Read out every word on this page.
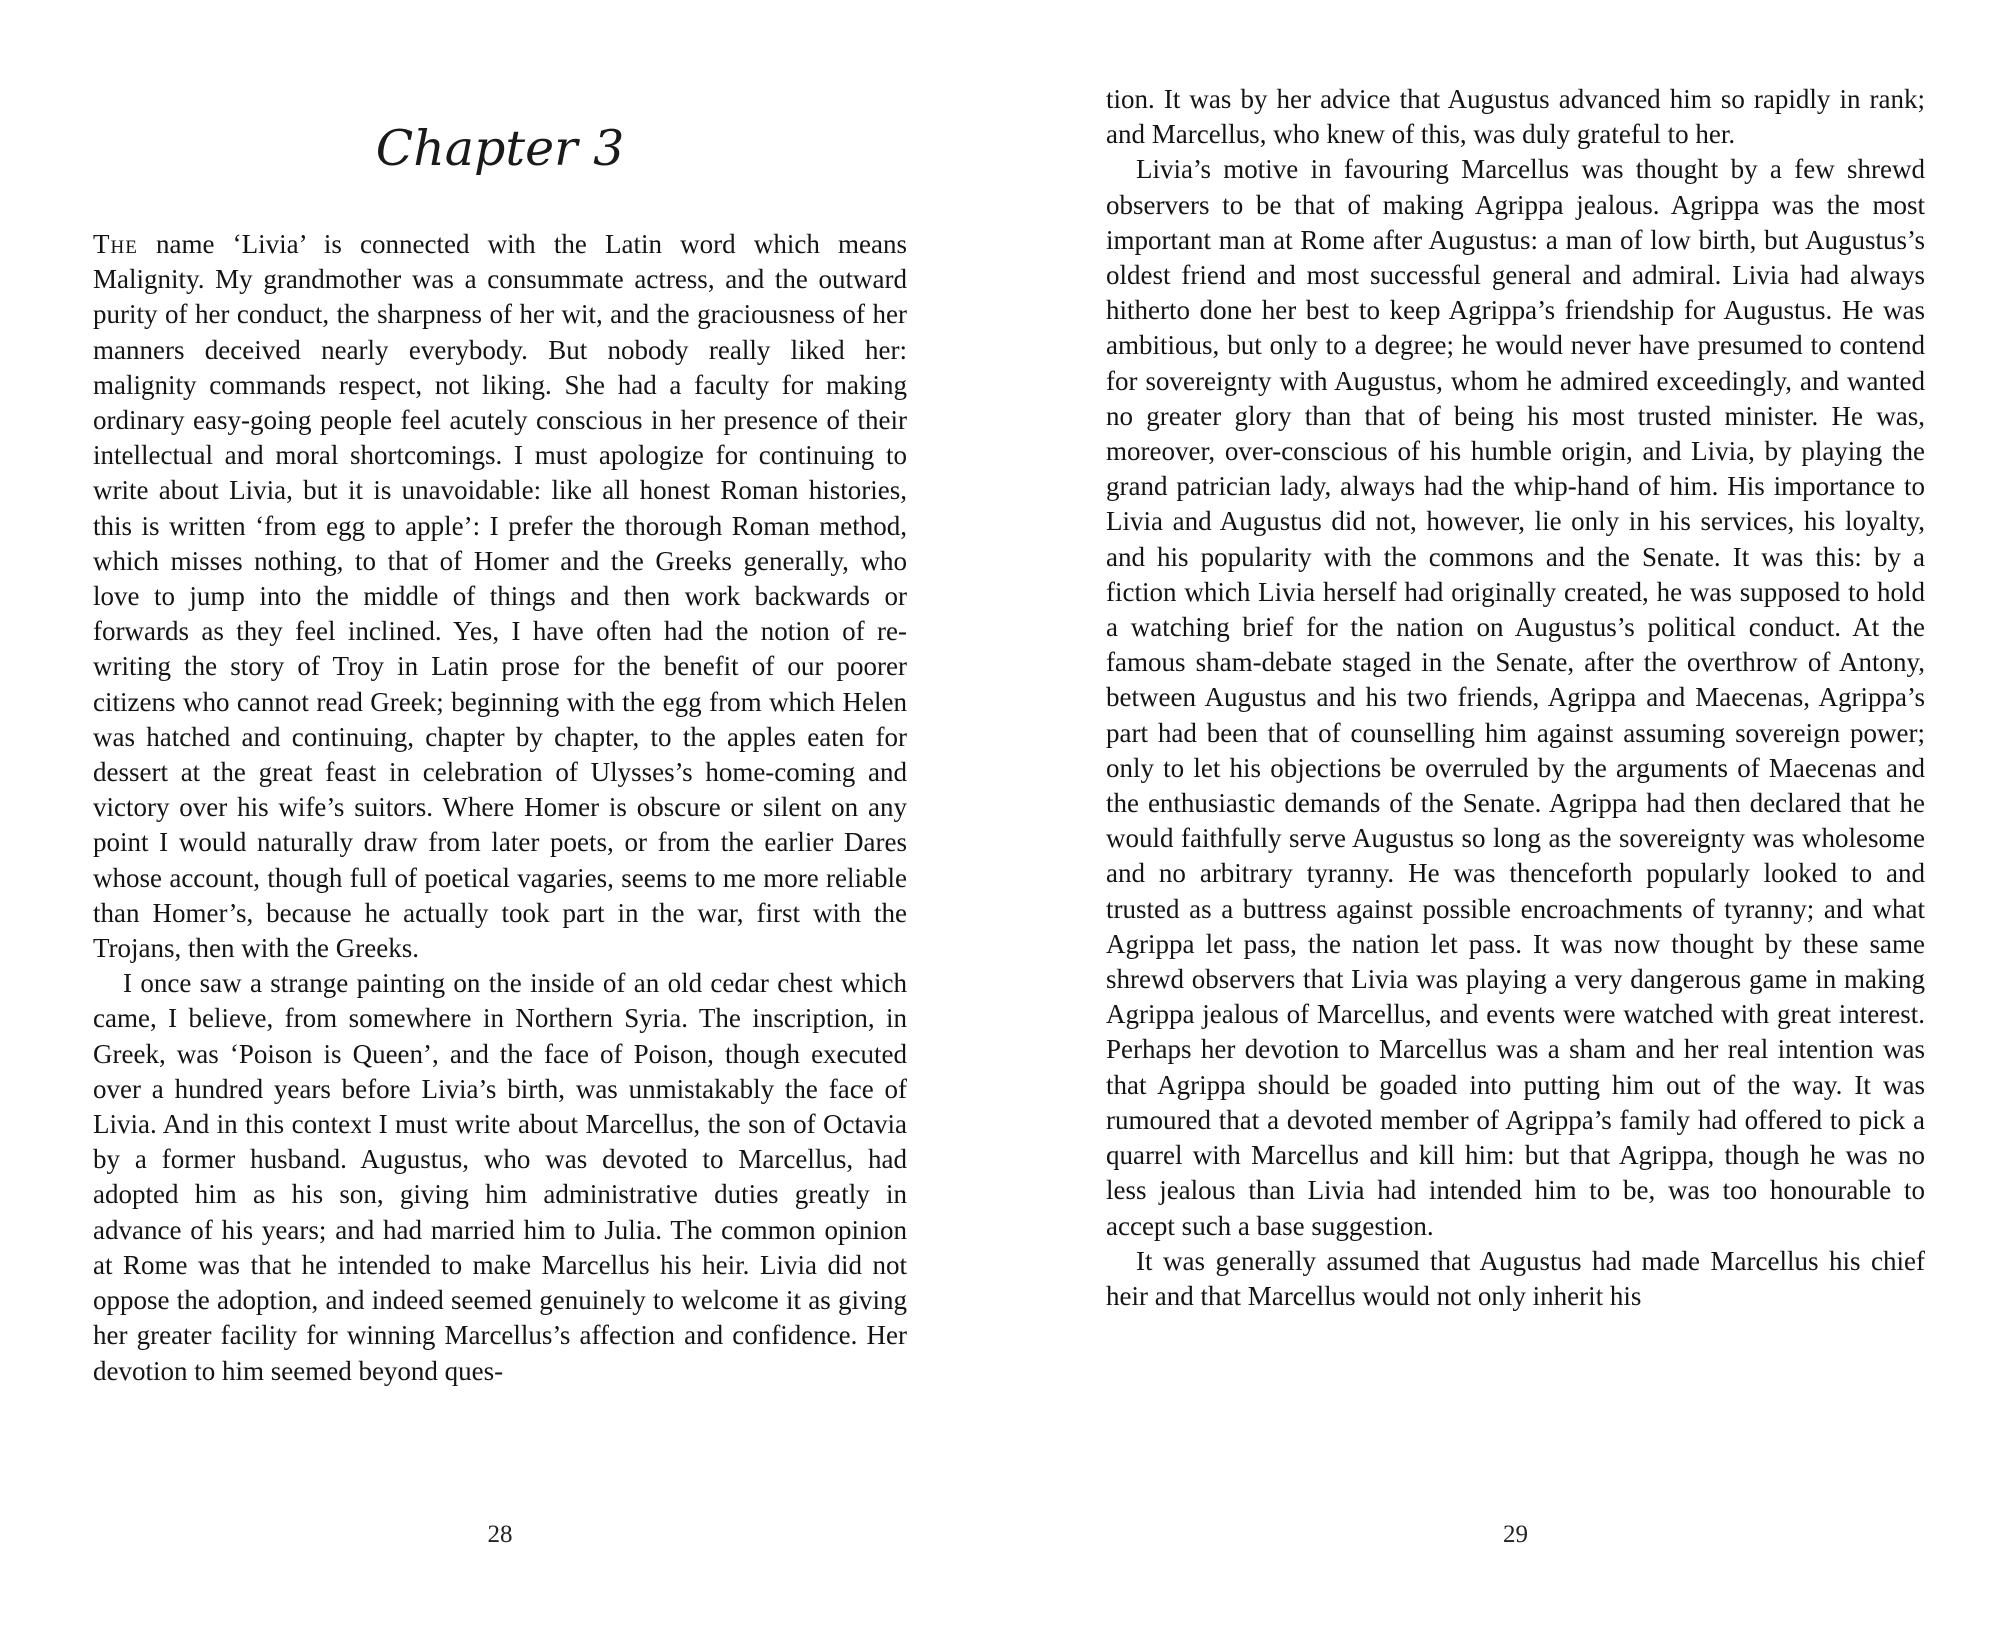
Chapter 3

The name ‘Livia’ is connected with the Latin word which means Malignity. My grandmother was a consummate actress, and the outward purity of her conduct, the sharpness of her wit, and the graciousness of her manners deceived nearly everybody. But nobody really liked her: malignity commands respect, not liking. She had a faculty for making ordinary easy-going people feel acutely conscious in her presence of their intellectual and moral shortcomings. I must apologize for continuing to write about Livia, but it is unavoidable: like all honest Roman histories, this is written ‘from egg to apple’: I prefer the thorough Roman method, which misses nothing, to that of Homer and the Greeks generally, who love to jump into the middle of things and then work backwards or forwards as they feel inclined. Yes, I have often had the notion of re-writing the story of Troy in Latin prose for the benefit of our poorer citizens who cannot read Greek; beginning with the egg from which Helen was hatched and continuing, chapter by chapter, to the apples eaten for dessert at the great feast in celebration of Ulysses’s home-coming and victory over his wife’s suitors. Where Homer is obscure or silent on any point I would naturally draw from later poets, or from the earlier Dares whose account, though full of poetical vagaries, seems to me more reliable than Homer’s, because he actually took part in the war, first with the Trojans, then with the Greeks.

I once saw a strange painting on the inside of an old cedar chest which came, I believe, from somewhere in Northern Syria. The inscription, in Greek, was ‘Poison is Queen’, and the face of Poison, though executed over a hundred years before Livia’s birth, was unmistakably the face of Livia. And in this context I must write about Marcellus, the son of Octavia by a former husband. Augustus, who was devoted to Marcellus, had adopted him as his son, giving him administrative duties greatly in advance of his years; and had married him to Julia. The common opinion at Rome was that he intended to make Marcellus his heir. Livia did not oppose the adoption, and indeed seemed genuinely to welcome it as giving her greater facility for winning Marcellus’s affection and confidence. Her devotion to him seemed beyond ques-

28

tion. It was by her advice that Augustus advanced him so rapidly in rank; and Marcellus, who knew of this, was duly grateful to her.

Livia’s motive in favouring Marcellus was thought by a few shrewd observers to be that of making Agrippa jealous. Agrippa was the most important man at Rome after Augustus: a man of low birth, but Augustus’s oldest friend and most successful general and admiral. Livia had always hitherto done her best to keep Agrippa’s friendship for Augustus. He was ambitious, but only to a degree; he would never have presumed to contend for sovereignty with Augustus, whom he admired exceedingly, and wanted no greater glory than that of being his most trusted minister. He was, moreover, over-conscious of his humble origin, and Livia, by playing the grand patrician lady, always had the whip-hand of him. His importance to Livia and Augustus did not, however, lie only in his services, his loyalty, and his popularity with the commons and the Senate. It was this: by a fiction which Livia herself had originally created, he was supposed to hold a watching brief for the nation on Augustus’s political conduct. At the famous sham-debate staged in the Senate, after the overthrow of Antony, between Augustus and his two friends, Agrippa and Maecenas, Agrippa’s part had been that of counselling him against assuming sovereign power; only to let his objections be overruled by the arguments of Maecenas and the enthusiastic demands of the Senate. Agrippa had then declared that he would faithfully serve Augustus so long as the sovereignty was wholesome and no arbitrary tyranny. He was thenceforth popularly looked to and trusted as a buttress against possible encroachments of tyranny; and what Agrippa let pass, the nation let pass. It was now thought by these same shrewd observers that Livia was playing a very dangerous game in making Agrippa jealous of Marcellus, and events were watched with great interest. Perhaps her devotion to Marcellus was a sham and her real intention was that Agrippa should be goaded into putting him out of the way. It was rumoured that a devoted member of Agrippa’s family had offered to pick a quarrel with Marcellus and kill him: but that Agrippa, though he was no less jealous than Livia had intended him to be, was too honourable to accept such a base suggestion.

It was generally assumed that Augustus had made Marcellus his chief heir and that Marcellus would not only inherit his

29
